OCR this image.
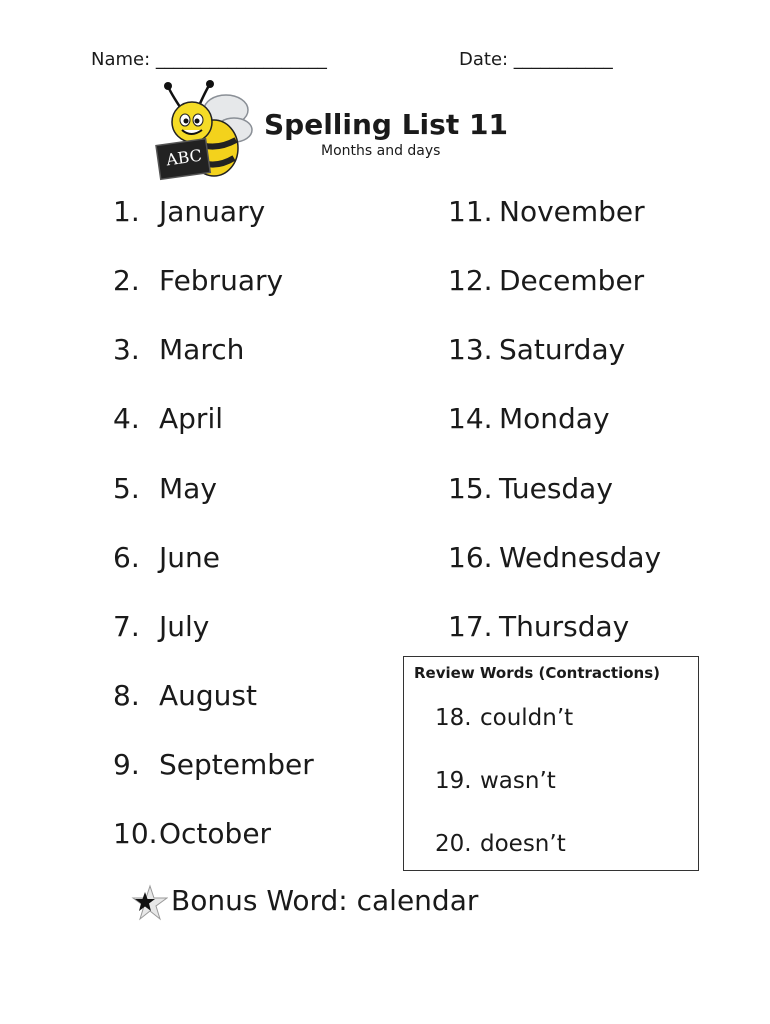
Name: ___________________	Date: ___________
ABC
Spelling List 11
Months and days
1. January
2. February
3. March
4. April
5. May
6. June
7. July
8. August
9. September
10.October
11. November
12. December
13. Saturday
14. Monday
15. Tuesday
16. Wednesday
17. Thursday
Review Words (Contractions)
18. couldn’t
19. wasn’t
20. doesn’t
Bonus Word: calendar
